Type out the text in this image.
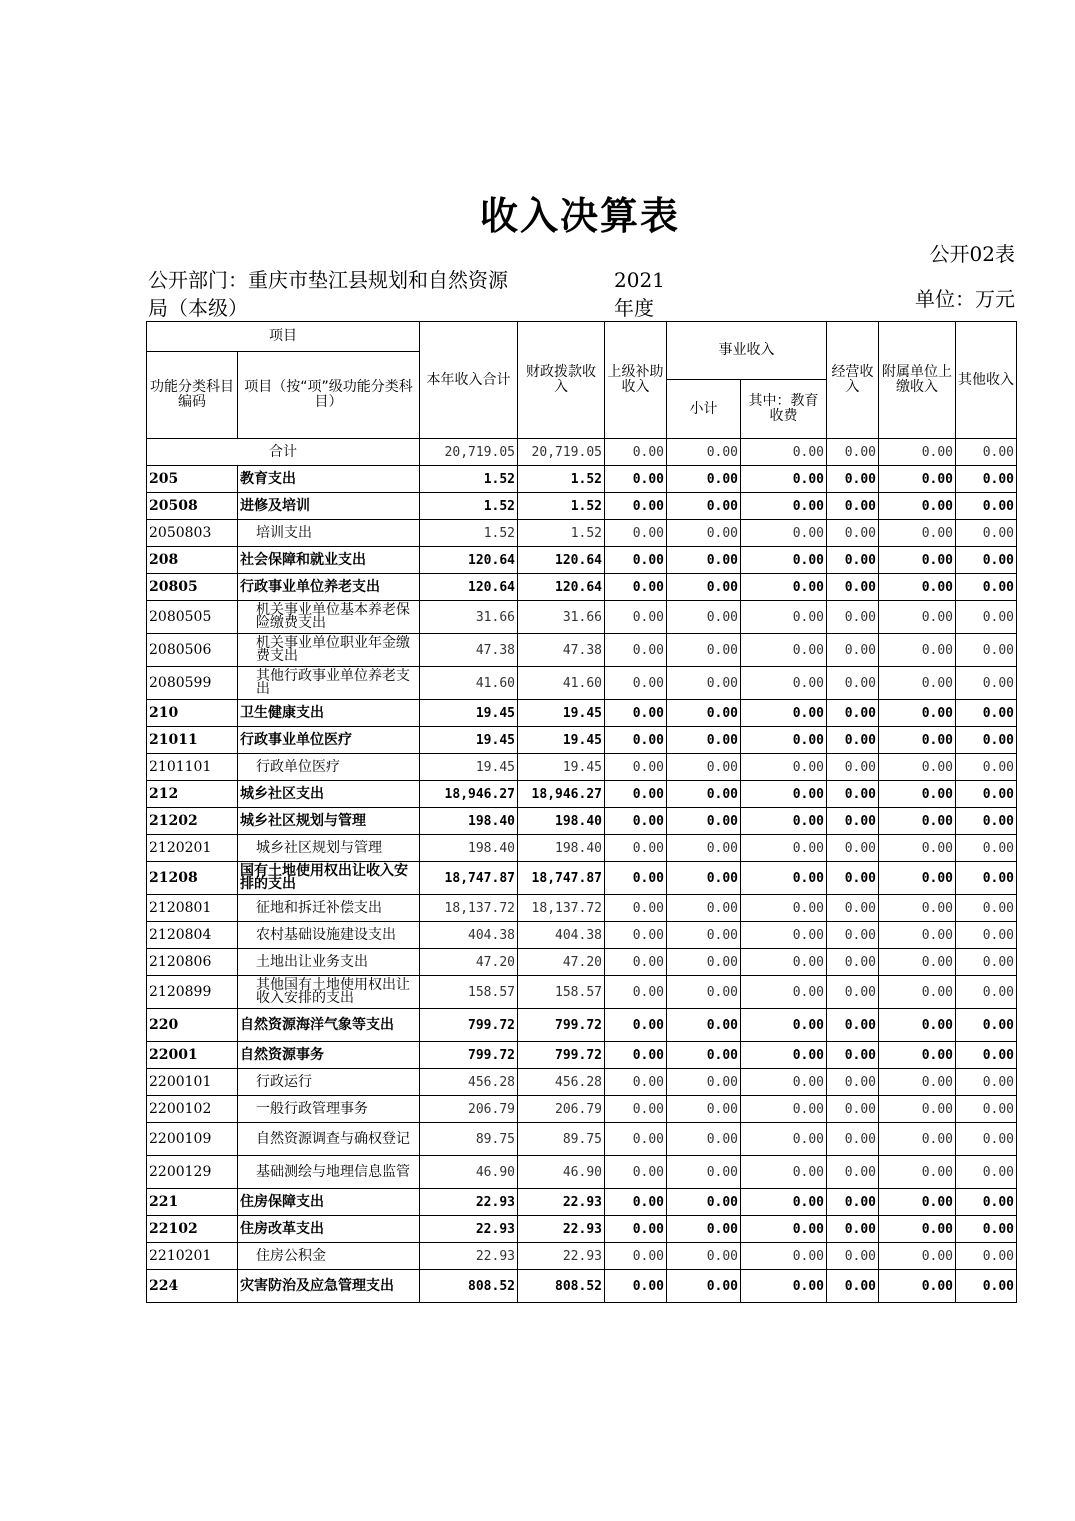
收入决算表
公开02表
公开部门：重庆市垫江县规划和自然资源局（本级）
2021年度	单位：万元
项目		本年收入合计	财政拨款收入	上级补助收入	事业收入		经营收入	附属单位上缴收入	其他收入
功能分类科目编码	项目（按“项”级功能分类科目）								
					小计	其中：教育收费			
合计		20,719.05	20,719.05	0.00	0.00	0.00	0.00	0.00	0.00
205	教育支出	1.52	1.52	0.00	0.00	0.00	0.00	0.00	0.00
20508	进修及培训	1.52	1.52	0.00	0.00	0.00	0.00	0.00	0.00
2050803	培训支出	1.52	1.52	0.00	0.00	0.00	0.00	0.00	0.00
208	社会保障和就业支出	120.64	120.64	0.00	0.00	0.00	0.00	0.00	0.00
20805	行政事业单位养老支出	120.64	120.64	0.00	0.00	0.00	0.00	0.00	0.00
2080505	机关事业单位基本养老保险缴费支出	31.66	31.66	0.00	0.00	0.00	0.00	0.00	0.00
2080506	机关事业单位职业年金缴费支出	47.38	47.38	0.00	0.00	0.00	0.00	0.00	0.00
2080599	其他行政事业单位养老支出	41.60	41.60	0.00	0.00	0.00	0.00	0.00	0.00
210	卫生健康支出	19.45	19.45	0.00	0.00	0.00	0.00	0.00	0.00
21011	行政事业单位医疗	19.45	19.45	0.00	0.00	0.00	0.00	0.00	0.00
2101101	行政单位医疗	19.45	19.45	0.00	0.00	0.00	0.00	0.00	0.00
212	城乡社区支出	18,946.27	18,946.27	0.00	0.00	0.00	0.00	0.00	0.00
21202	城乡社区规划与管理	198.40	198.40	0.00	0.00	0.00	0.00	0.00	0.00
2120201	城乡社区规划与管理	198.40	198.40	0.00	0.00	0.00	0.00	0.00	0.00
21208	国有土地使用权出让收入安排的支出	18,747.87	18,747.87	0.00	0.00	0.00	0.00	0.00	0.00
2120801	征地和拆迁补偿支出	18,137.72	18,137.72	0.00	0.00	0.00	0.00	0.00	0.00
2120804	农村基础设施建设支出	404.38	404.38	0.00	0.00	0.00	0.00	0.00	0.00
2120806	土地出让业务支出	47.20	47.20	0.00	0.00	0.00	0.00	0.00	0.00
2120899	其他国有土地使用权出让收入安排的支出	158.57	158.57	0.00	0.00	0.00	0.00	0.00	0.00
220	自然资源海洋气象等支出	799.72	799.72	0.00	0.00	0.00	0.00	0.00	0.00
22001	自然资源事务	799.72	799.72	0.00	0.00	0.00	0.00	0.00	0.00
2200101	行政运行	456.28	456.28	0.00	0.00	0.00	0.00	0.00	0.00
2200102	一般行政管理事务	206.79	206.79	0.00	0.00	0.00	0.00	0.00	0.00
2200109	自然资源调查与确权登记	89.75	89.75	0.00	0.00	0.00	0.00	0.00	0.00
2200129	基础测绘与地理信息监管	46.90	46.90	0.00	0.00	0.00	0.00	0.00	0.00
221	住房保障支出	22.93	22.93	0.00	0.00	0.00	0.00	0.00	0.00
22102	住房改革支出	22.93	22.93	0.00	0.00	0.00	0.00	0.00	0.00
2210201	住房公积金	22.93	22.93	0.00	0.00	0.00	0.00	0.00	0.00
224	灾害防治及应急管理支出	808.52	808.52	0.00	0.00	0.00	0.00	0.00	0.00
